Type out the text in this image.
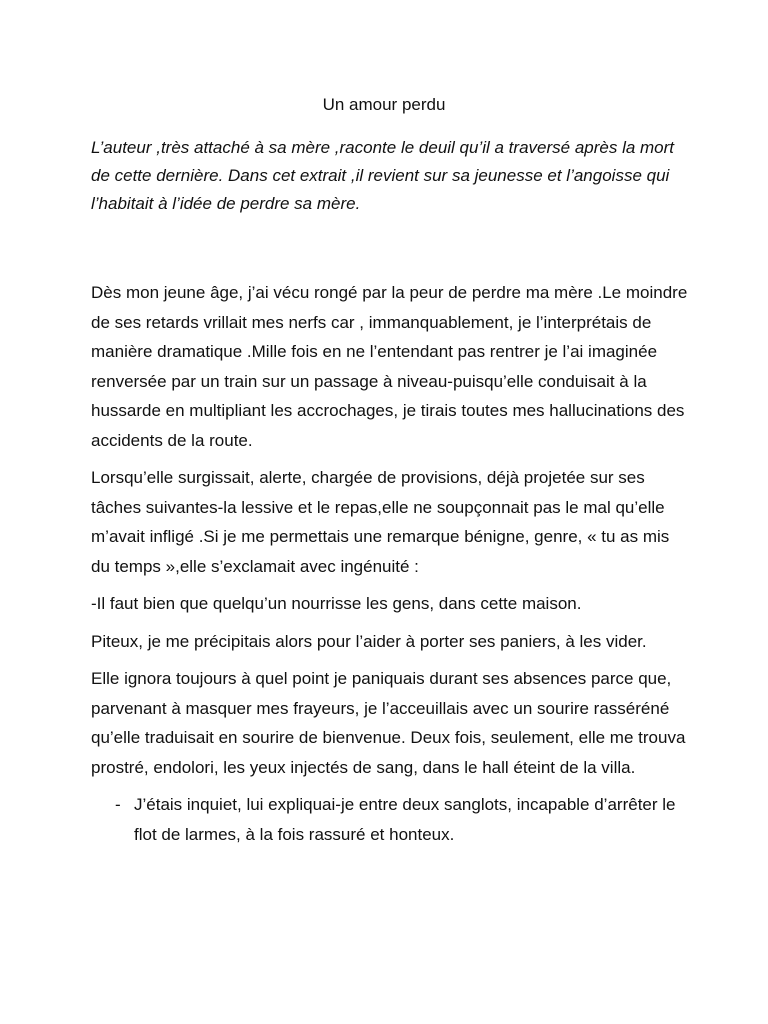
Un amour perdu

L’auteur ,très attaché à sa mère ,raconte le deuil qu’il a traversé après la mort de cette dernière. Dans cet extrait ,il revient sur sa jeunesse et l’angoisse qui l’habitait à l’idée de perdre sa mère.

Dès mon jeune âge, j’ai vécu rongé par la peur de perdre ma mère .Le moindre de ses retards vrillait mes nerfs car , immanquablement, je l’interprétais de manière dramatique .Mille fois en ne l’entendant pas rentrer je l’ai imaginée renversée par un train sur un passage à niveau-puisqu’elle conduisait à la hussarde en multipliant les accrochages, je tirais toutes mes hallucinations des accidents de la route.

Lorsqu’elle surgissait, alerte, chargée de provisions, déjà projetée sur ses tâches suivantes-la lessive et le repas,elle ne soupçonnait pas le mal qu’elle m’avait infligé .Si je me permettais une remarque bénigne, genre, « tu as mis du temps »,elle s’exclamait avec ingénuité :

-Il faut bien que quelqu’un nourrisse les gens, dans cette maison.

Piteux, je me précipitais alors pour l’aider à porter ses paniers, à les vider.

Elle ignora toujours à quel point je paniquais durant ses absences parce que, parvenant à masquer mes frayeurs, je l’acceuillais avec un sourire rasséréné qu’elle traduisait en sourire de bienvenue. Deux fois, seulement, elle me trouva prostré, endolori, les yeux injectés de sang, dans le hall éteint de la villa.

- J’étais inquiet, lui expliquai-je entre deux sanglots, incapable d’arrêter le flot de larmes, à la fois rassuré et honteux.
